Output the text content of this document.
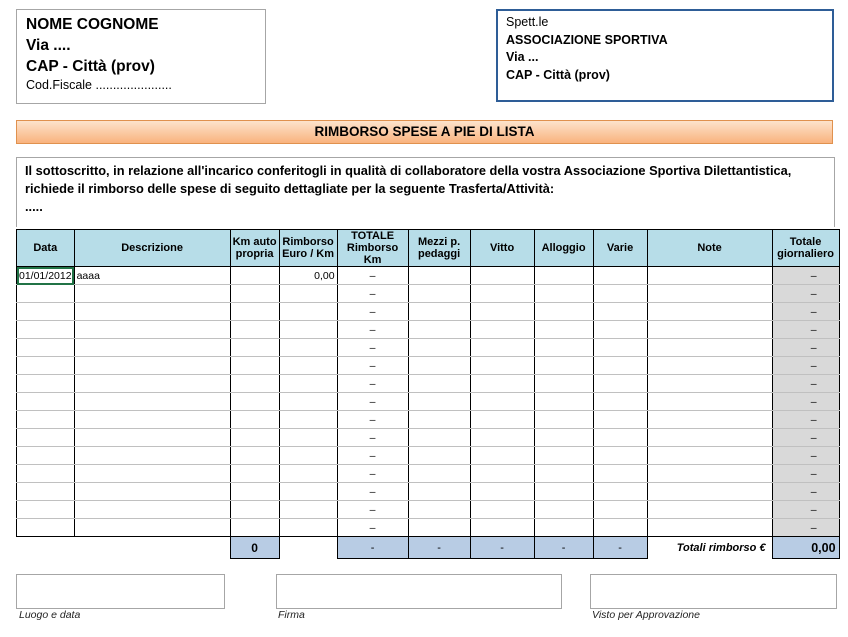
NOME COGNOME
Via ....
CAP - Città (prov)
Cod.Fiscale ......................
Spett.le
ASSOCIAZIONE SPORTIVA
Via ...
CAP - Città (prov)
RIMBORSO SPESE A PIE DI LISTA
Il sottoscritto, in relazione all'incarico conferitogli in qualità di collaboratore della vostra Associazione Sportiva Dilettantistica,
richiede il rimborso delle spese di seguito dettagliate per la seguente Trasferta/Attività:
.....
Data	Descrizione	Km auto propria	Rimborso Euro / Km	TOTALE Rimborso Km	Mezzi p. pedaggi	Vitto	Alloggio	Varie	Note	Totale giornaliero
01/01/2012	aaaa		0,00	–						–
				–						–
				–						–
				–						–
				–						–
				–						–
				–						–
				–						–
				–						–
				–						–
				–						–
				–						–
				–						–
				–						–
				–						–
		0		-	-	-	-	-	Totali rimborso €	0,00
Luogo e data	Firma	Visto per Approvazione
